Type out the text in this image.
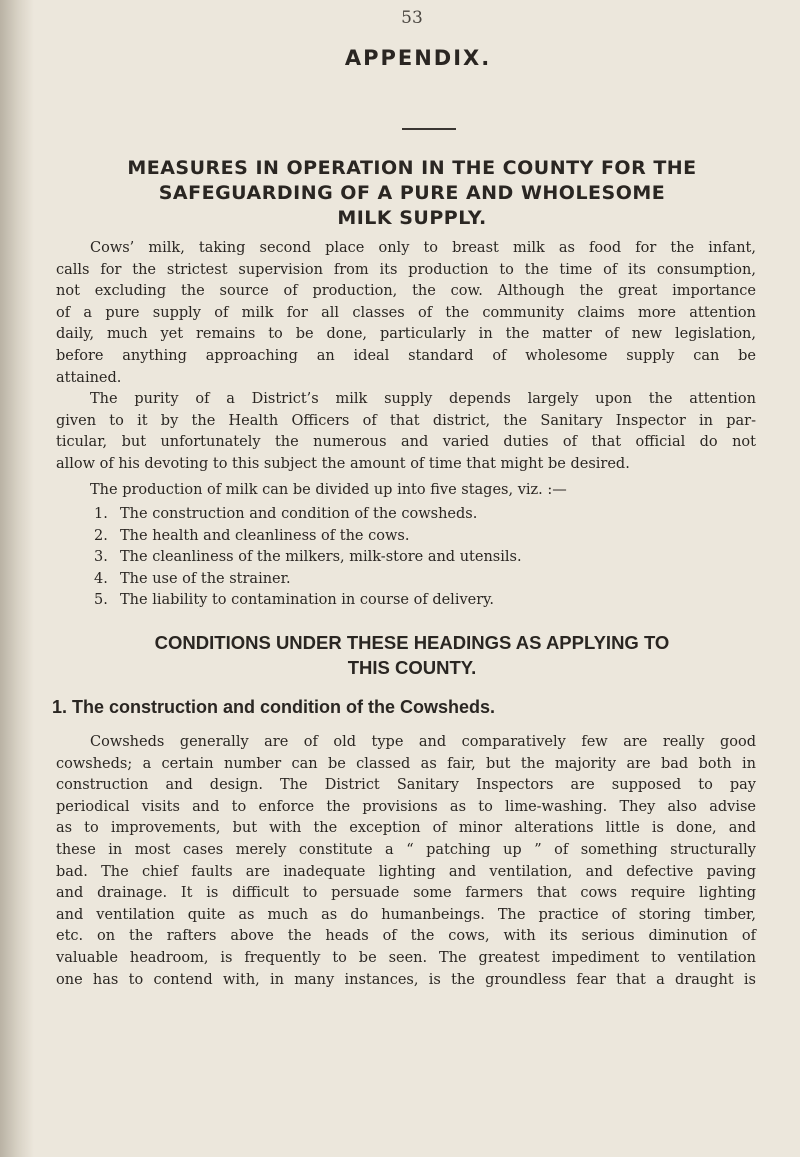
53
APPENDIX.
MEASURES IN OPERATION IN THE COUNTY FOR THE
SAFEGUARDING OF A PURE AND WHOLESOME
MILK SUPPLY.
Cows’ milk, taking second place only to breast milk as food for the infant,
calls for the strictest supervision from its production to the time of its consumption,
not excluding the source of production, the cow. Although the great importance
of a pure supply of milk for all classes of the community claims more attention
daily, much yet remains to be done, particularly in the matter of new legislation,
before anything approaching an ideal standard of wholesome supply can be
attained.
The purity of a District’s milk supply depends largely upon the attention
given to it by the Health Officers of that district, the Sanitary Inspector in par-
ticular, but unfortunately the numerous and varied duties of that official do not
allow of his devoting to this subject the amount of time that might be desired.
The production of milk can be divided up into five stages, viz. :—
1. The construction and condition of the cowsheds.
2. The health and cleanliness of the cows.
3. The cleanliness of the milkers, milk-store and utensils.
4. The use of the strainer.
5. The liability to contamination in course of delivery.
CONDITIONS UNDER THESE HEADINGS AS APPLYING TO
THIS COUNTY.
1. The construction and condition of the Cowsheds.
Cowsheds generally are of old type and comparatively few are really good
cowsheds; a certain number can be classed as fair, but the majority are bad both in
construction and design. The District Sanitary Inspectors are supposed to pay
periodical visits and to enforce the provisions as to lime-washing. They also advise
as to improvements, but with the exception of minor alterations little is done, and
these in most cases merely constitute a “ patching up ” of something structurally
bad. The chief faults are inadequate lighting and ventilation, and defective paving
and drainage. It is difficult to persuade some farmers that cows require lighting
and ventilation quite as much as do humanbeings. The practice of storing timber,
etc. on the rafters above the heads of the cows, with its serious diminution of
valuable headroom, is frequently to be seen. The greatest impediment to ventilation
one has to contend with, in many instances, is the groundless fear that a draught is
